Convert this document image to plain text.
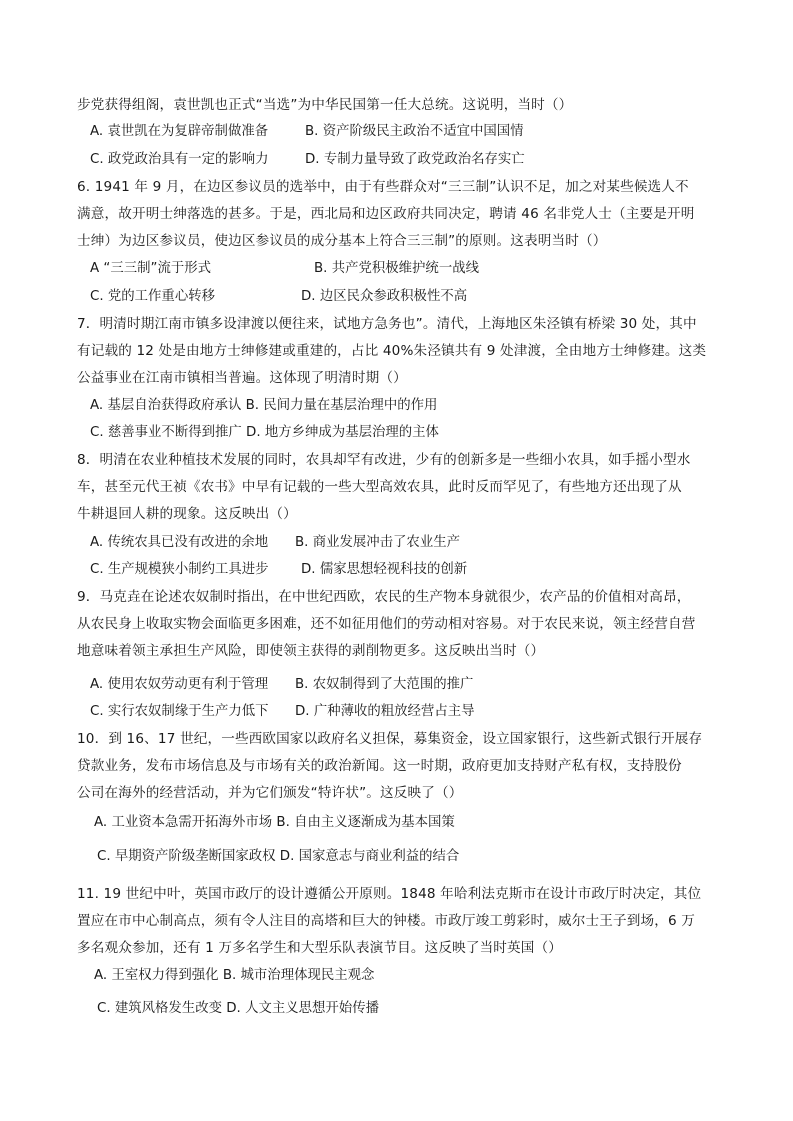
步党获得组阁，袁世凯也正式“当选”为中华民国第一任大总统。这说明，当时（）
A. 袁世凯在为复辟帝制做准备	B. 资产阶级民主政治不适宜中国国情
C. 政党政治具有一定的影响力	D. 专制力量导致了政党政治名存实亡
6. 1941 年 9 月，在边区参议员的选举中，由于有些群众对“三三制”认识不足，加之对某些候选人不
满意，故开明士绅落选的甚多。于是，西北局和边区政府共同决定，聘请 46 名非党人士（主要是开明
士绅）为边区参议员，使边区参议员的成分基本上符合三三制”的原则。这表明当时（）
A “三三制”流于形式	B. 共产党积极维护统一战线
C. 党的工作重心转移	D. 边区民众参政积极性不高
7．明清时期江南市镇多设津渡以便往来，试地方急务也”。清代，上海地区朱泾镇有桥梁 30 处，其中
有记载的 12 处是由地方士绅修建或重建的，占比 40%朱泾镇共有 9 处津渡，全由地方士绅修建。这类
公益事业在江南市镇相当普遍。这体现了明清时期（）
A. 基层自治获得政府承认 B. 民间力量在基层治理中的作用
C. 慈善事业不断得到推广 D. 地方乡绅成为基层治理的主体
8．明清在农业种植技术发展的同时，农具却罕有改进，少有的创新多是一些细小农具，如手摇小型水
车，甚至元代王祯《农书》中早有记载的一些大型高效农具，此时反而罕见了，有些地方还出现了从
牛耕退回人耕的现象。这反映出（）
A. 传统农具已没有改进的余地 B. 商业发展冲击了农业生产
C. 生产规模狭小制约工具进步 D. 儒家思想轻视科技的创新
9．马克垚在论述农奴制时指出，在中世纪西欧，农民的生产物本身就很少，农产品的价值相对高昂，
从农民身上收取实物会面临更多困难，还不如征用他们的劳动相对容易。对于农民来说，领主经营自营
地意味着领主承担生产风险，即使领主获得的剥削物更多。这反映出当时（）
A. 使用农奴劳动更有利于管理 B. 农奴制得到了大范围的推广
C. 实行农奴制缘于生产力低下 D. 广种薄收的粗放经营占主导
10．到 16、17 世纪，一些西欧国家以政府名义担保，募集资金，设立国家银行，这些新式银行开展存
贷款业务，发布市场信息及与市场有关的政治新闻。这一时期，政府更加支持财产私有权，支持股份
公司在海外的经营活动，并为它们颁发“特许状”。这反映了（）
A. 工业资本急需开拓海外市场 B. 自由主义逐渐成为基本国策
C. 早期资产阶级垄断国家政权 D. 国家意志与商业利益的结合
11. 19 世纪中叶，英国市政厅的设计遵循公开原则。1848 年哈利法克斯市在设计市政厅时决定，其位
置应在市中心制高点，须有令人注目的高塔和巨大的钟楼。市政厅竣工剪彩时，威尔士王子到场，6 万
多名观众参加，还有 1 万多名学生和大型乐队表演节目。这反映了当时英国（）
A. 王室权力得到强化 B. 城市治理体现民主观念
C. 建筑风格发生改变 D. 人文主义思想开始传播
